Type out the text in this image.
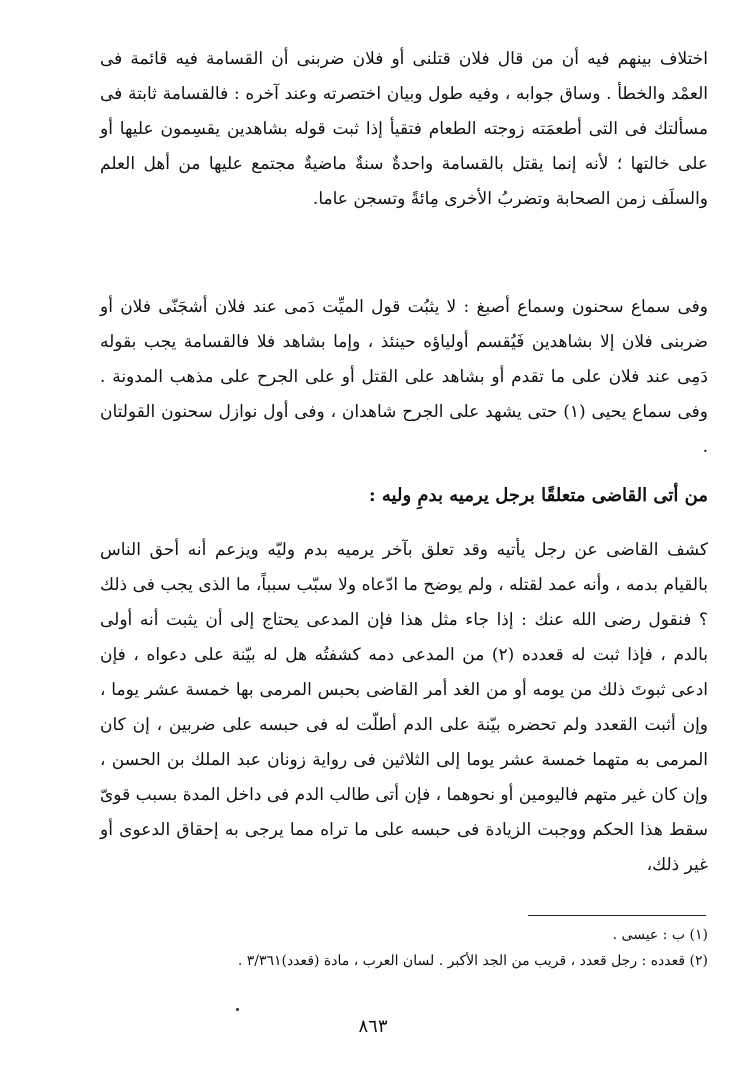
اختلاف بينهم فيه أن من قال فلان قتلنى أو فلان ضربنى أن القسامة فيه قائمة فى العمْد والخطأ . وساق جوابه ، وفيه طول وبيان اختصرته وعند آخره : فالقسامة ثابتة فى مسألتك فى التى أطعمَته زوجته الطعام فتقيأ إذا ثبت قوله بشاهدين يقسِمون عليها أو على خالتها ؛ لأنه إنما يقتل بالقسامة واحدةٌ سنةٌ ماضيةٌ مجتمع عليها من أهل العلم والسلَف زمن الصحابة وتضربُ الأخرى مِائةً وتسجن عاما.

وفى سماع سحنون وسماع أصبغ : لا يثبُت قول الميِّت دَمى عند فلان أشجَنّى فلان أو ضربنى فلان إلا بشاهدين فَيُقسم أولياؤه حينئذ ، وإما بشاهد فلا فالقسامة يجب بقوله دَمِى عند فلان على ما تقدم أو بشاهد على القتل أو على الجرح على مذهب المدونة . وفى سماع يحيى (١) حتى يشهد على الجرح شاهدان ، وفى أول نوازل سحنون القولتان .

من أتى القاضى متعلقًا برجل يرميه بدمِ وليه :

كشف القاضى عن رجل يأتيه وقد تعلق بآخر يرميه بدم وليّه ويزعم أنه أحق الناس بالقيام بدمه ، وأنه عمد لقتله ، ولم يوضح ما ادّعاه ولا سبّب سبباً، ما الذى يجب فى ذلك ؟ فنقول رضى الله عنك : إذا جاء مثل هذا فإن المدعى يحتاج إلى أن يثبت أنه أولى بالدم ، فإذا ثبت له قعدده (٢) من المدعى دمه كشفتُه هل له بيّنة على دعواه ، فإن ادعى ثبوتَ ذلك من يومه أو من الغد أمر القاضى بحبس المرمى بها خمسة عشر يوما ، وإن أثبت القعدد ولم تحضره بيّنة على الدم أطلّت له فى حبسه على ضربين ، إن كان المرمى به متهما خمسة عشر يوما إلى الثلاثين فى رواية زونان عبد الملك بن الحسن ، وإن كان غير متهم فاليومين أو نحوهما ، فإن أتى طالب الدم فى داخل المدة بسبب قوىّ سقط هذا الحكم ووجبت الزيادة فى حبسه على ما تراه مما يرجى به إحقاق الدعوى أو غير ذلك،

(١) ب : عيسى .
(٢) قعدده : رجل قعدد ، قريب من الجد الأكبر . لسان العرب ، مادة (قعدد)٣/٣٦١ .
٨٦٣
